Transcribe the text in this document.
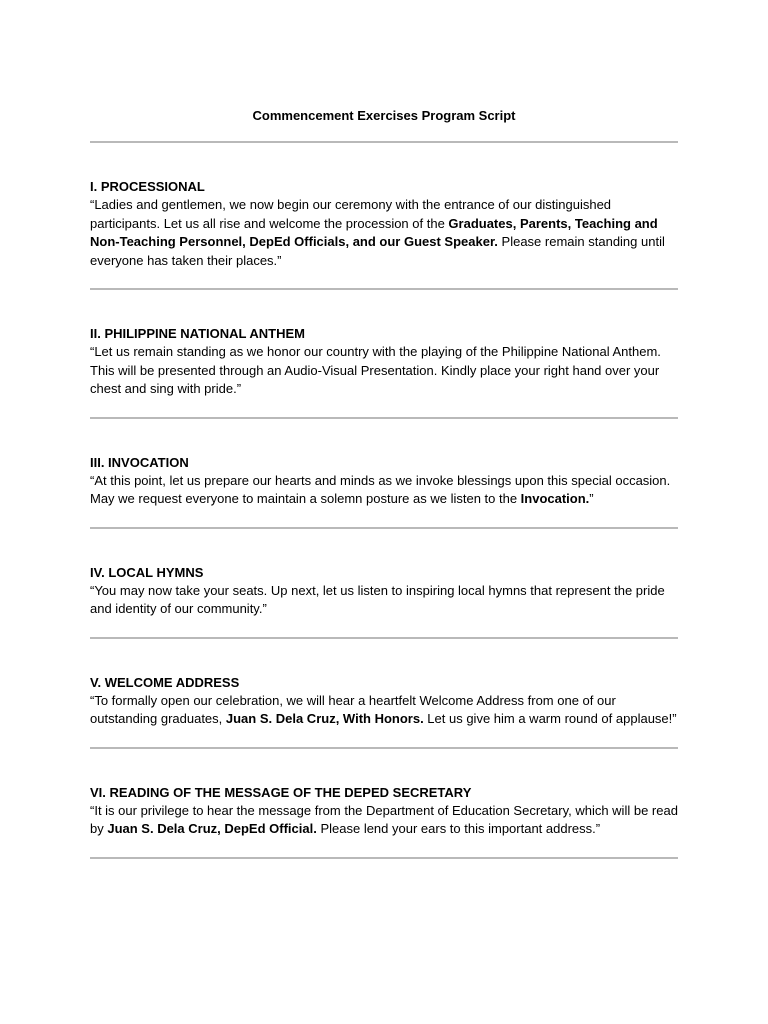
Commencement Exercises Program Script

I. PROCESSIONAL

“Ladies and gentlemen, we now begin our ceremony with the entrance of our distinguished participants. Let us all rise and welcome the procession of the Graduates, Parents, Teaching and Non-Teaching Personnel, DepEd Officials, and our Guest Speaker. Please remain standing until everyone has taken their places.”

II. PHILIPPINE NATIONAL ANTHEM

“Let us remain standing as we honor our country with the playing of the Philippine National Anthem. This will be presented through an Audio-Visual Presentation. Kindly place your right hand over your chest and sing with pride.”

III. INVOCATION

“At this point, let us prepare our hearts and minds as we invoke blessings upon this special occasion. May we request everyone to maintain a solemn posture as we listen to the Invocation.”

IV. LOCAL HYMNS

“You may now take your seats. Up next, let us listen to inspiring local hymns that represent the pride and identity of our community.”

V. WELCOME ADDRESS

“To formally open our celebration, we will hear a heartfelt Welcome Address from one of our outstanding graduates, Juan S. Dela Cruz, With Honors. Let us give him a warm round of applause!”

VI. READING OF THE MESSAGE OF THE DEPED SECRETARY

“It is our privilege to hear the message from the Department of Education Secretary, which will be read by Juan S. Dela Cruz, DepEd Official. Please lend your ears to this important address.”
